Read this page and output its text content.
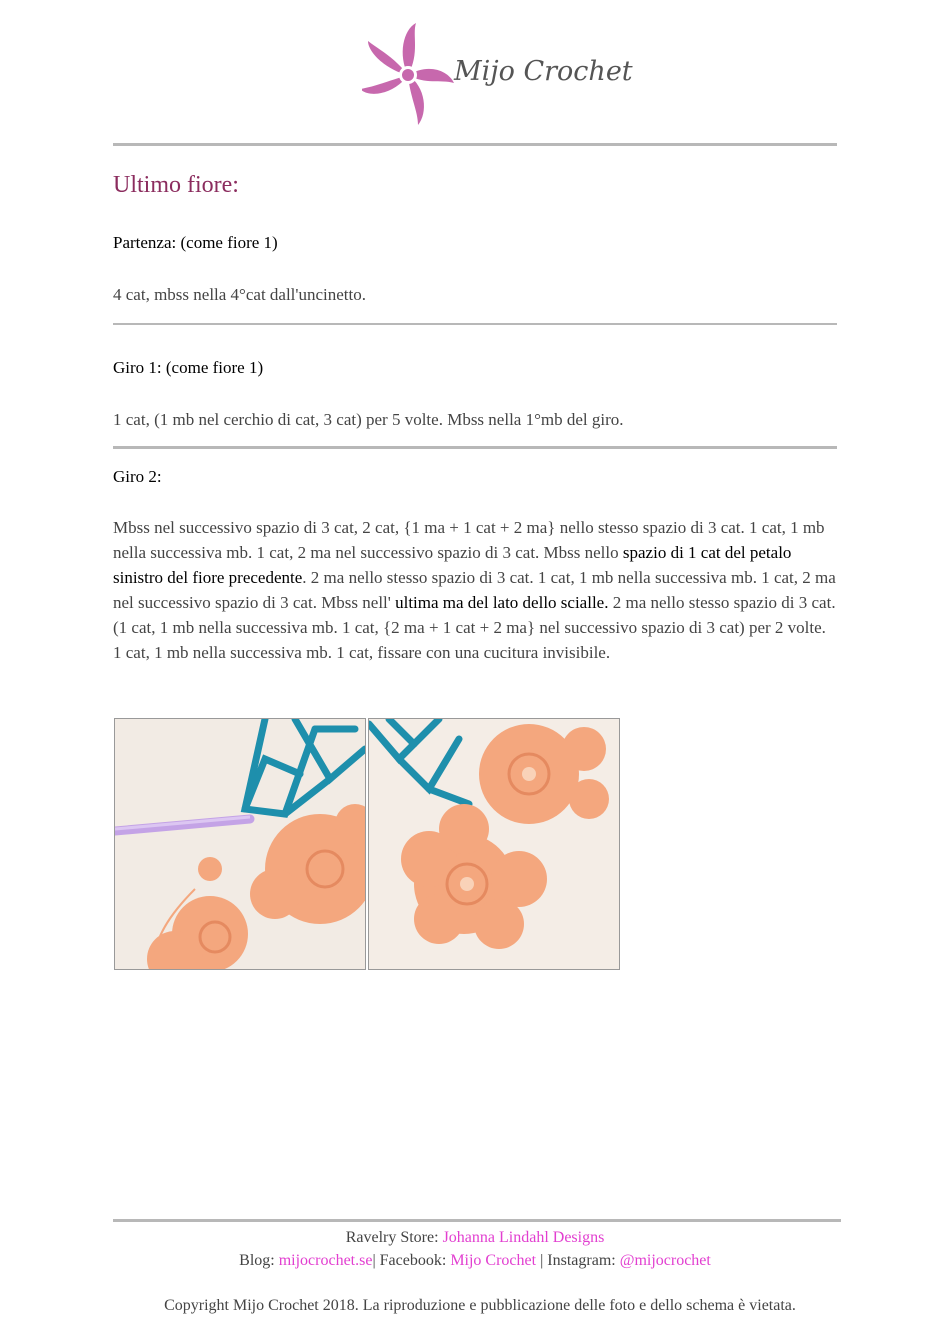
Mijo Crochet
Ultimo fiore:
Partenza: (come fiore 1)
4 cat, mbss nella 4°cat dall'uncinetto.
Giro 1: (come fiore 1)
1 cat, (1 mb nel cerchio di cat, 3 cat) per 5 volte. Mbss nella 1°mb del giro.
Giro 2:
Mbss nel successivo spazio di 3 cat, 2 cat, {1 ma + 1 cat + 2 ma} nello stesso spazio di 3 cat. 1 cat, 1 mb nella successiva mb. 1 cat, 2 ma nel successivo spazio di 3 cat. Mbss nello spazio di 1 cat del petalo sinistro del fiore precedente. 2 ma nello stesso spazio di 3 cat. 1 cat, 1 mb nella successiva mb. 1 cat, 2 ma nel successivo spazio di 3 cat. Mbss nell' ultima ma del lato dello scialle. 2 ma nello stesso spazio di 3 cat. (1 cat, 1 mb nella successiva mb. 1 cat, {2 ma + 1 cat + 2 ma} nel successivo spazio di 3 cat) per 2 volte. 1 cat, 1 mb nella successiva mb. 1 cat, fissare con una cucitura invisibile.
Ravelry Store: Johanna Lindahl Designs
Blog: mijocrochet.se| Facebook: Mijo Crochet | Instagram: @mijocrochet
Copyright Mijo Crochet 2018. La riproduzione e pubblicazione delle foto e dello schema è vietata.
